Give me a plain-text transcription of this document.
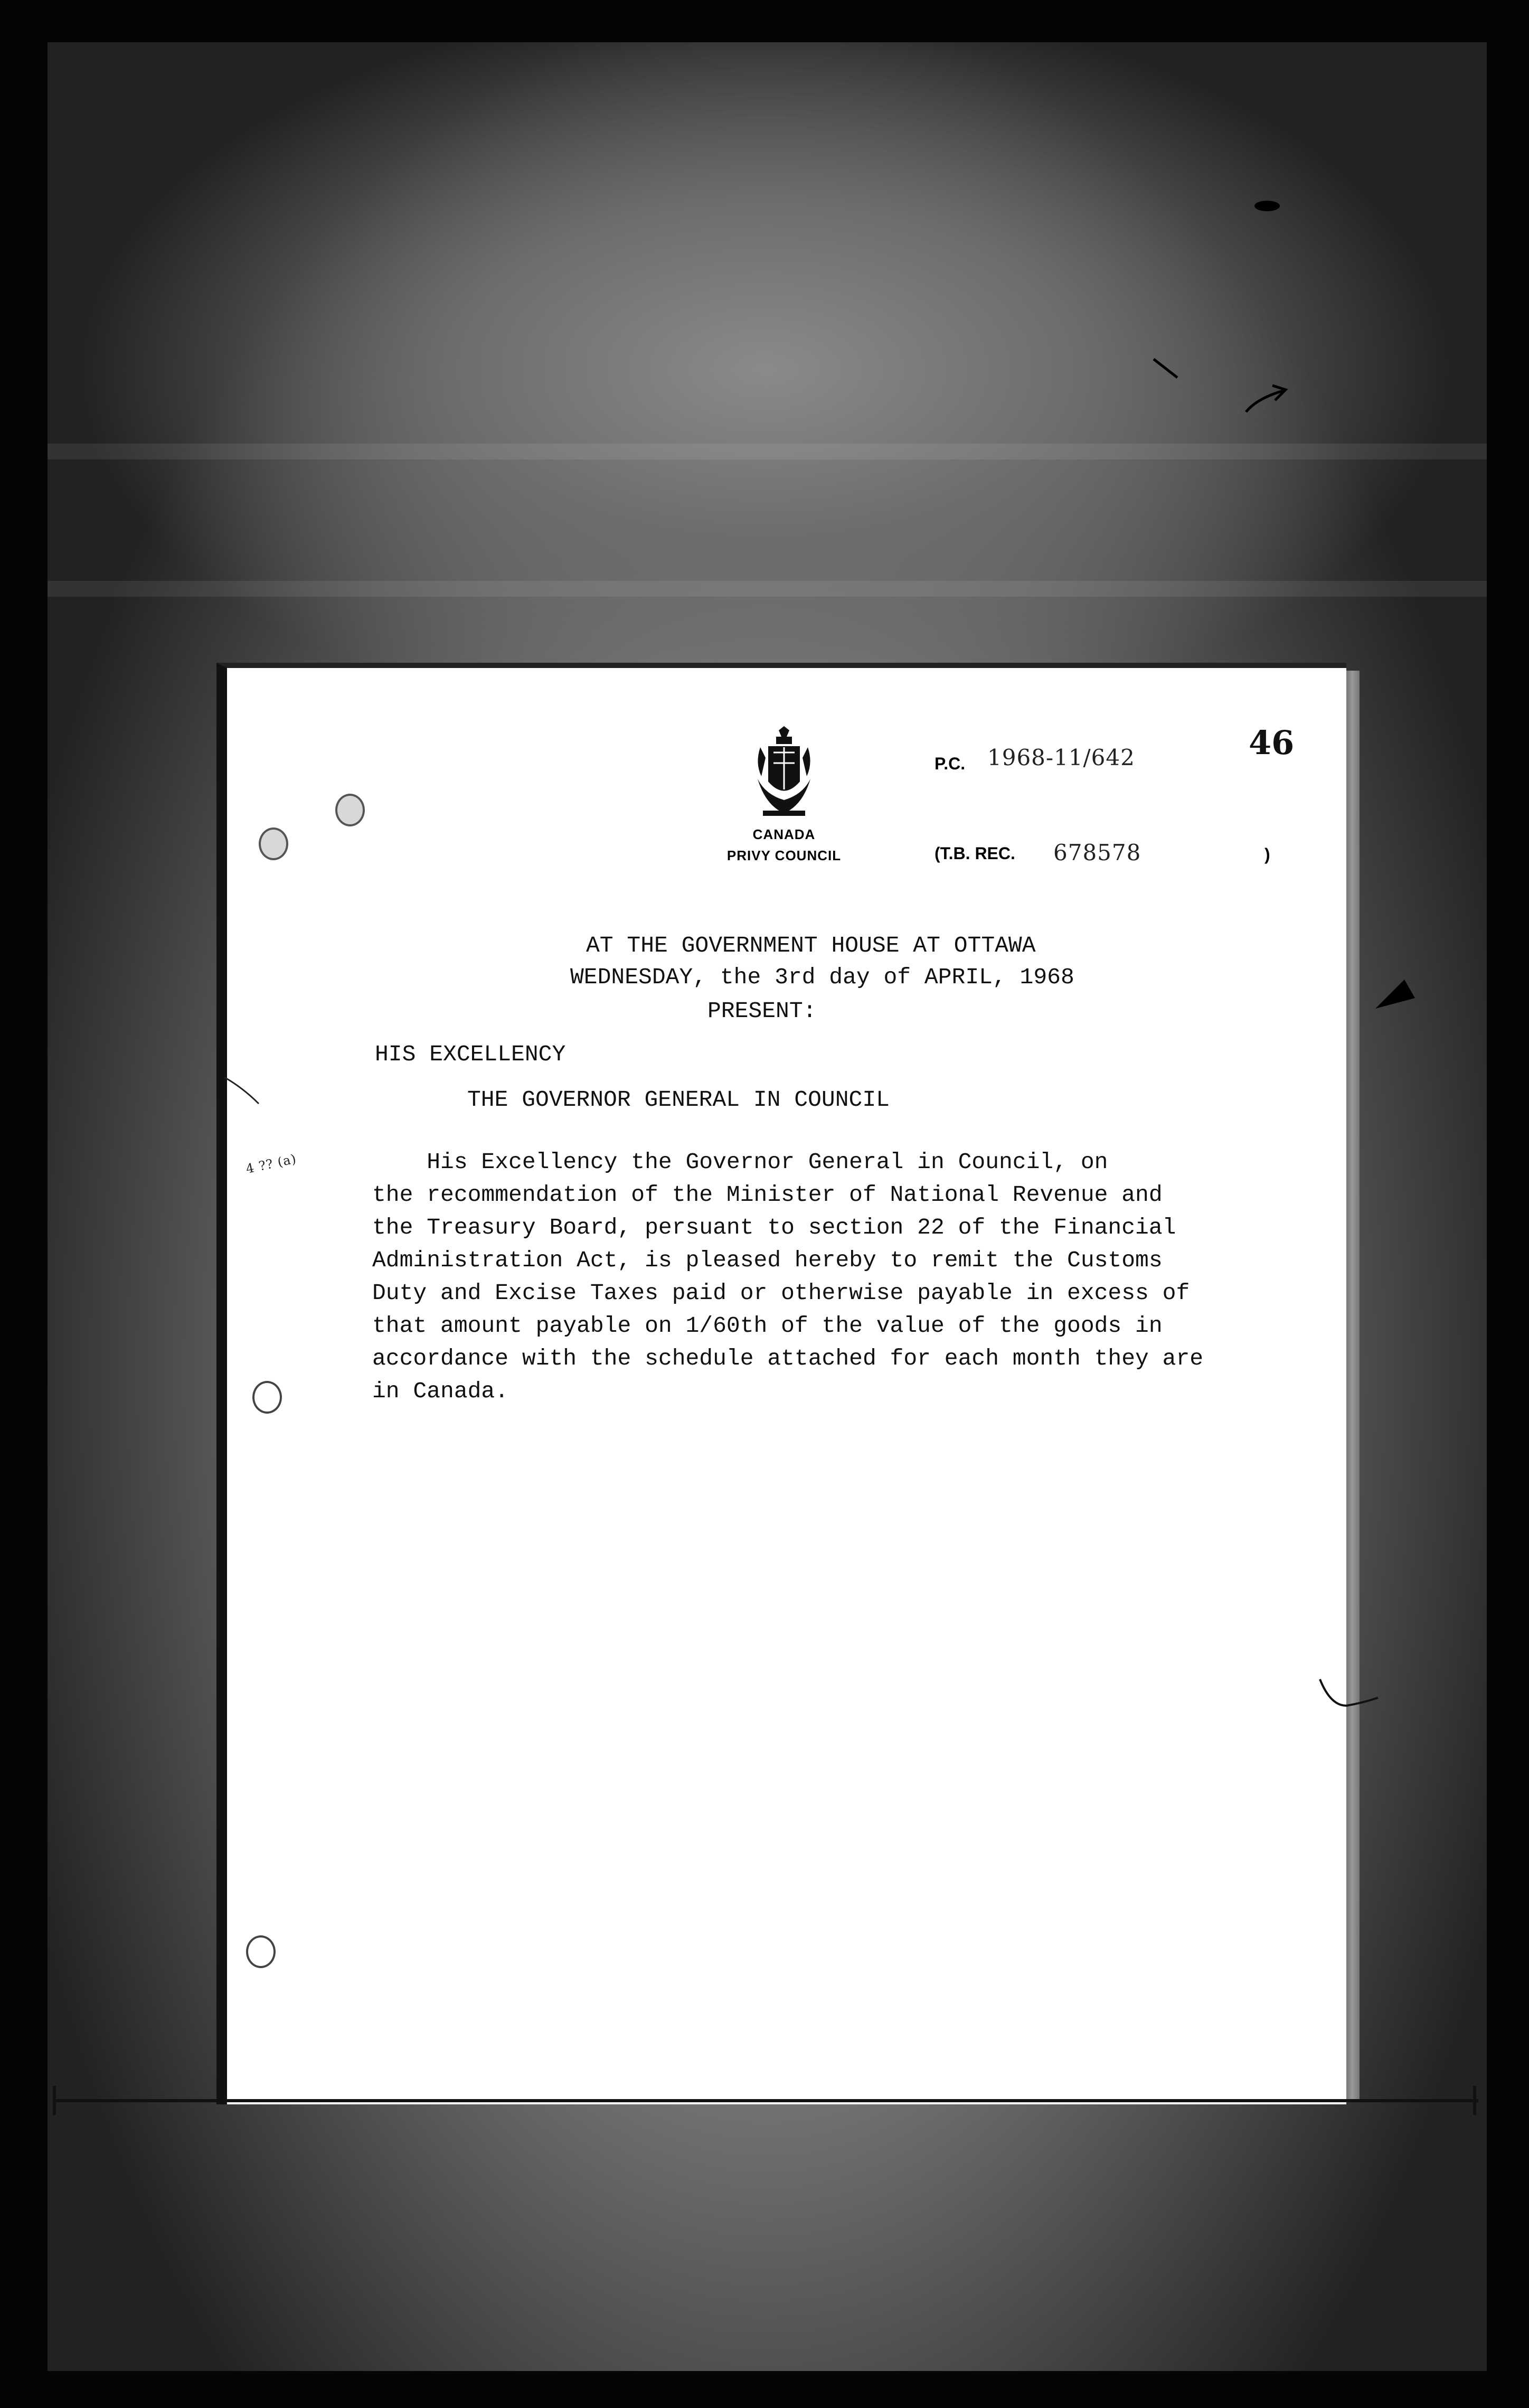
CANADA
PRIVY COUNCIL
P.C. 1968-11/642
(T.B. REC. 678578	)
46
AT THE GOVERNMENT HOUSE AT OTTAWA
WEDNESDAY, the 3rd day of APRIL, 1968
PRESENT:
HIS EXCELLENCY
THE GOVERNOR GENERAL IN COUNCIL
4 ?? (a)	His Excellency the Governor General in Council, on
the recommendation of the Minister of National Revenue and
the Treasury Board, persuant to section 22 of the Financial
Administration Act, is pleased hereby to remit the Customs
Duty and Excise Taxes paid or otherwise payable in excess of
that amount payable on 1/60th of the value of the goods in
accordance with the schedule attached for each month they are
in Canada.
